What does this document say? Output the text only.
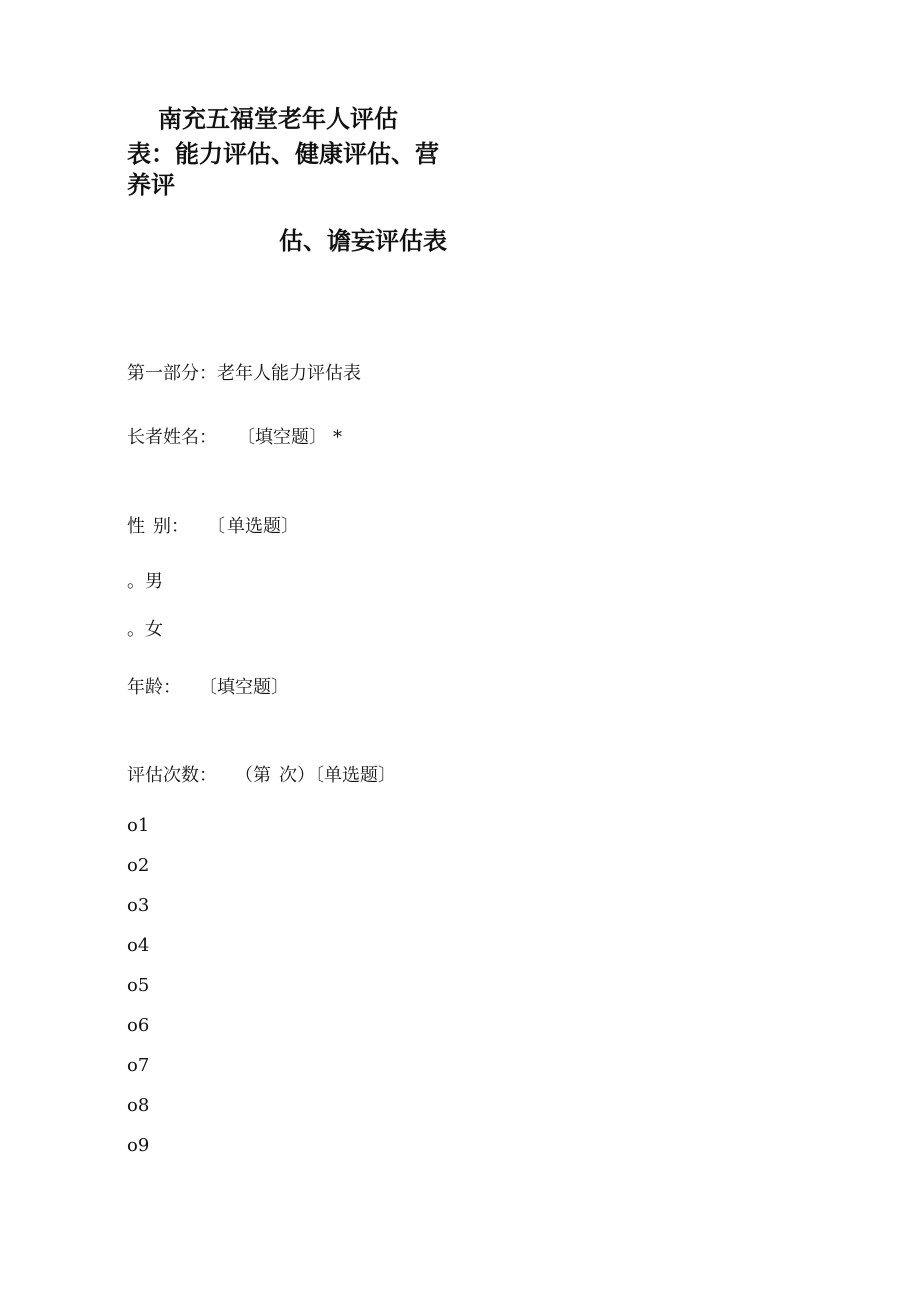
南充五福堂老年人评估
表：能力评估、健康评估、营
养评
估、谵妄评估表

第一部分：老年人能力评估表

长者姓名： 〔填空题〕 *

性 别： 〔 单选题〕

。男

。女

年龄： 〔填空题〕

评估次数： （第 次）〔单选题〕

o1

o2

o3

o4

o5

o6

o7

o8

o9
